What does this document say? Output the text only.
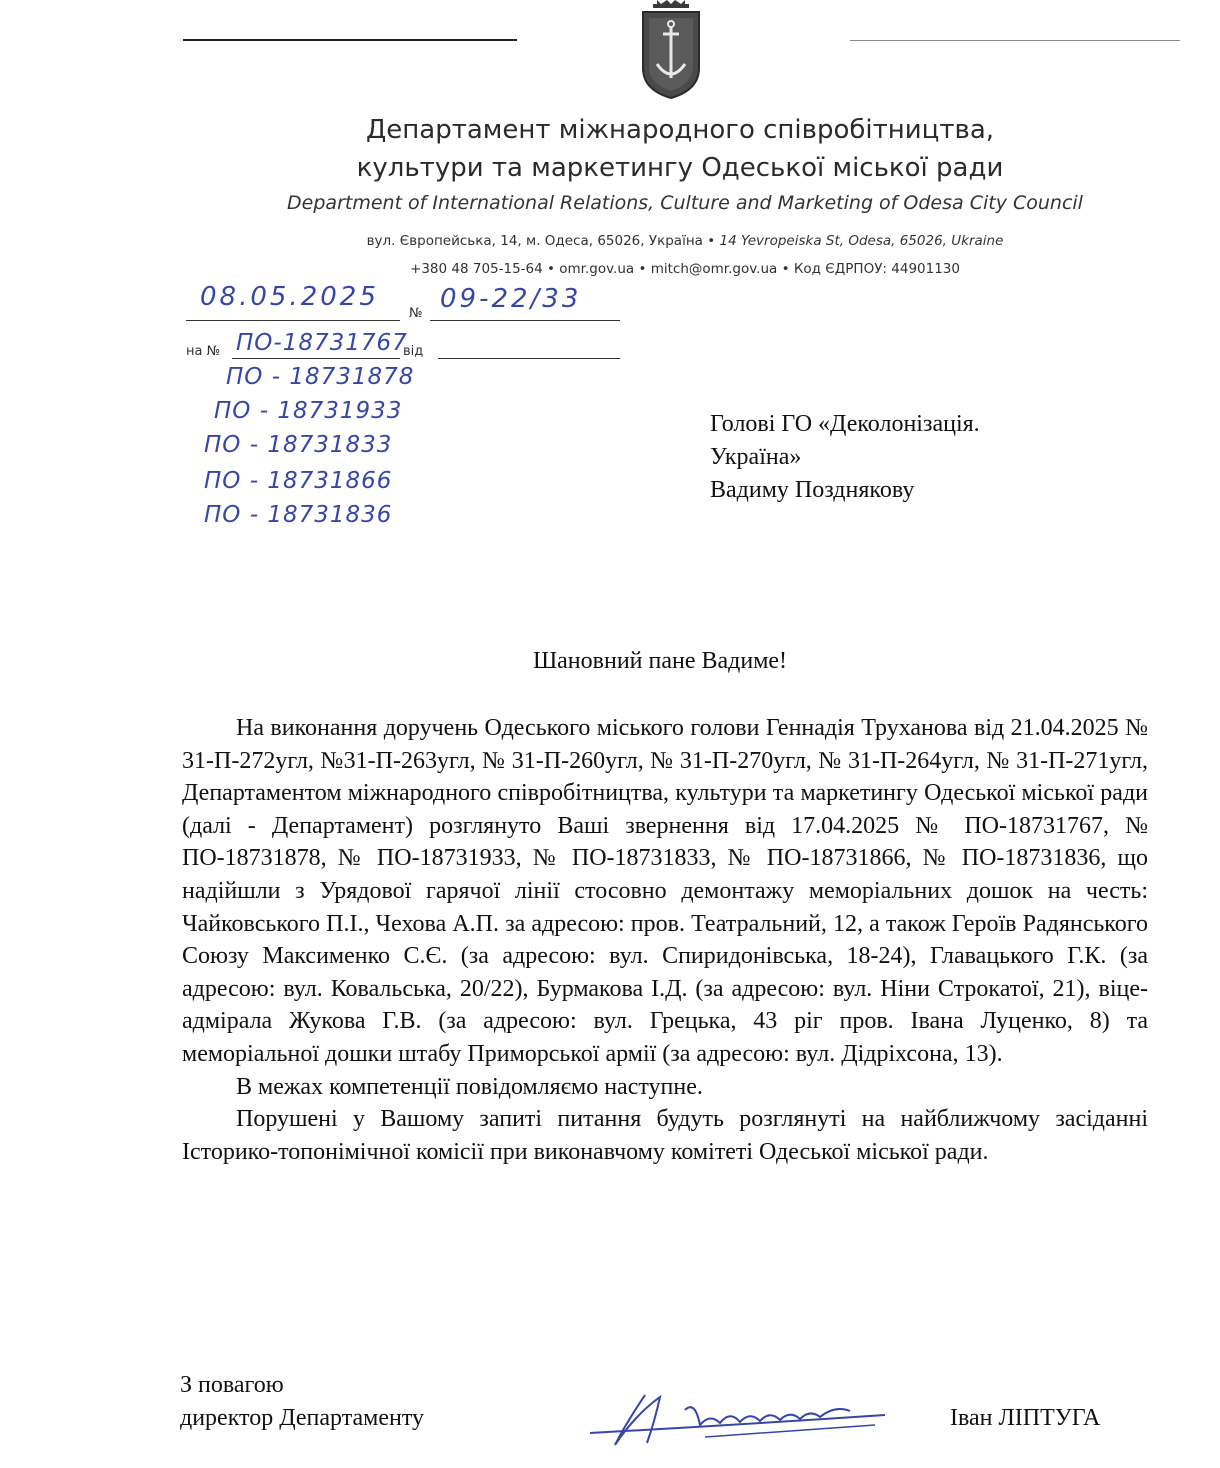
Департамент міжнародного співробітництва,
культури та маркетингу Одеської міської ради
Department of International Relations, Culture and Marketing of Odesa City Council
вул. Європейська, 14, м. Одеса, 65026, Україна • 14 Yevropeiska St, Odesa, 65026, Ukraine
+380 48 705-15-64 • omr.gov.ua • mitch@omr.gov.ua • Код ЄДРПОУ: 44901130
08.05.2025
№ 09-22/33
на № ПО-18731767
від
ПО - 18731878
ПО - 18731933
ПО - 18731833
ПО - 18731866
ПО - 18731836
Голові ГО «Деколонізація.
Україна»
Вадиму Позднякову
Шановний пане Вадиме!

На виконання доручень Одеського міського голови Геннадія Труханова від 21.04.2025 № 31-П-272угл, №31-П-263угл, № 31-П-260угл, № 31-П-270угл, № 31-П-264угл, № 31-П-271угл, Департаментом міжнародного співробітництва, культури та маркетингу Одеської міської ради (далі - Департамент) розглянуто Ваші звернення від 17.04.2025 № ПО-18731767, № ПО-18731878, № ПО-18731933, № ПО-18731833, № ПО-18731866, № ПО-18731836, що надійшли з Урядової гарячої лінії стосовно демонтажу меморіальних дошок на честь: Чайковського П.І., Чехова А.П. за адресою: пров. Театральний, 12, а також Героїв Радянського Союзу Максименко С.Є. (за адресою: вул. Спиридонівська, 18-24), Главацького Г.К. (за адресою: вул. Ковальська, 20/22), Бурмакова І.Д. (за адресою: вул. Ніни Строкатої, 21), віце-адмірала Жукова Г.В. (за адресою: вул. Грецька, 43 ріг пров. Івана Луценко, 8) та меморіальної дошки штабу Приморської армії (за адресою: вул. Дідріхсона, 13).

В межах компетенції повідомляємо наступне.

Порушені у Вашому запиті питання будуть розглянуті на найближчому засіданні Історико-топонімічної комісії при виконавчому комітеті Одеської міської ради.

З повагою
директор Департаменту	Іван ЛІПТУГА
